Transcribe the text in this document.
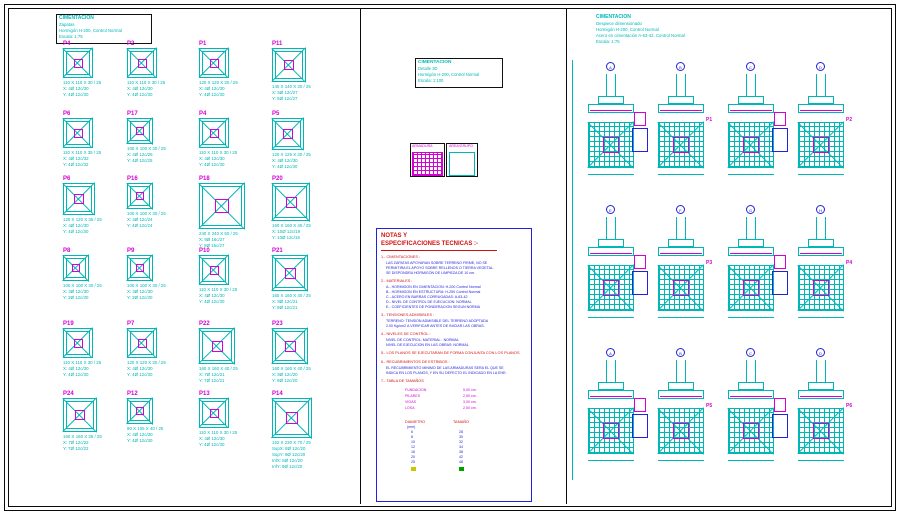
CIMENTACION
Zapatas
Hormigón H-200, Control Normal
Escala: 1:75
CIMENTACION
Detalle 3D
Hormigón H-200, Control Normal
Escala: 1:100
CIMENTACION
Despiece dimensionado
Hormigón H-200, Control Normal
Acero en cimentación A-63-42, Control Normal
Escala: 1:75
P4
110 X 110 X 30 / 25
X: 4Ø 12c/30
Y: 4Ø 12c/30
P2
110 X 110 X 30 / 25
X: 4Ø 12c/30
Y: 4Ø 12c/30
P1
120 X 120 X 30 / 25
X: 4Ø 12c/30
Y: 4Ø 12c/30
P11
140 X 140 X 30 / 25
X: 5Ø 12c/27
Y: 5Ø 12c/27
P6
110 X 110 X 35 / 25
X: 4Ø 12c/32
Y: 4Ø 12c/32
P17
100 X 100 X 30 / 25
X: 4Ø 12c/25
Y: 4Ø 12c/25
P4
110 X 110 X 30 / 25
X: 4Ø 12c/30
Y: 4Ø 12c/30
P5
120 X 125 X 30 / 25
X: 4Ø 12c/30
Y: 4Ø 12c/30
P6
120 X 120 X 35 / 25
X: 4Ø 12c/30
Y: 4Ø 12c/30
P16
100 X 100 X 30 / 25
X: 4Ø 12c/24
Y: 4Ø 12c/24
P18
240 X 240 X 50 / 25
X: 9Ø 16c/27
Y: 9Ø 16c/27
P20
160 X 160 X 45 / 25
X: 10Ø 12c/19
Y: 10Ø 12c/19
P8
100 X 100 X 30 / 25
X: 3Ø 12c/30
Y: 3Ø 12c/30
P9
100 X 100 X 30 / 25
X: 3Ø 12c/30
Y: 3Ø 12c/30
P10
110 X 110 X 30 / 25
X: 4Ø 12c/30
Y: 4Ø 12c/30
P21
160 X 160 X 40 / 25
X: 8Ø 12c/21
Y: 8Ø 12c/21
P19
110 X 110 X 30 / 25
X: 4Ø 12c/30
Y: 4Ø 12c/30
P7
120 X 120 X 30 / 25
X: 4Ø 12c/30
Y: 4Ø 12c/30
P22
160 X 160 X 40 / 25
X: 7Ø 12c/21
Y: 7Ø 12c/21
P23
160 X 160 X 40 / 25
X: 8Ø 12c/20
Y: 8Ø 12c/20
P24
160 X 160 X 35 / 25
X: 7Ø 12c/22
Y: 7Ø 12c/22
P12
80 X 105 X 40 / 25
X: 4Ø 12c/30
Y: 4Ø 12c/30
P13
110 X 110 X 30 / 25
X: 4Ø 12c/30
Y: 4Ø 12c/30
P14
152 X 230 X 70 / 25
SupX: 8Ø 12c/20
SupY: 9Ø 12c/20
InfX: 8Ø 12c/20
InfY: 9Ø 12c/20
ARMADURA	AREA/GRUPO
NOTAS Y
ESPECIFICACIONES TECNICAS :-
1.- CIMENTACIONES :
LAS ZAPATAS APOYARAN SOBRE TERRENO FIRME, NO SE
PERMITIRA EL APOYO SOBRE RELLENOS O TIERRA VEGETAL.
SE DISPONDRA HORMIGON DE LIMPIEZA DE 10 cm.
2.- MATERIALES :
A.- HORMIGON EN CIMENTACION: H-200 Control Normal
B.- HORMIGON EN ESTRUCTURA: H-250 Control Normal
C.- ACERO EN BARRAS CORRUGADAS: A-63-42
D.- NIVEL DE CONTROL DE EJECUCION: NORMAL
E.- COEFICIENTES DE PONDERACION SEGUN NORMA
3.- TENSIONES ADMISIBLES :
TERRENO: TENSION ADMISIBLE DEL TERRENO ADOPTADA
2.00 Kg/cm2 A VERIFICAR ANTES DE INICIAR LAS OBRAS.
4.- NIVELES DE CONTROL :
NIVEL DE CONTROL: MATERIAL - NORMAL
NIVEL DE EJECUCION EN LAS OBRAS: NORMAL
5.- LOS PLANOS SE EJECUTARAN DE FORMA CONJUNTA CON LOS PLANOS
6.- RECUBRIMIENTOS DE ESTRIBOS :
EL RECUBRIMIENTO MINIMO DE LAS ARMADURAS SERA EL QUE SE
INDICA EN LOS PLANOS, Y EN SU DEFECTO EL INDICADO EN LA EHE:
7.- TABLA DE TAMAÑOS
FUNDACION	5,00 cm.
PILARES	2,50 cm.
VIGAS	3,00 cm.
LOSA	2,50 cm.
DIAMETRO	TAMAÑO
(mm)
6	28
8	30
10	32
12	34
16	38
20	42
25	48
A	B
P1
C	D
P2
E	F
P3
G	H
P4
A	B
P5
C	D
P6
